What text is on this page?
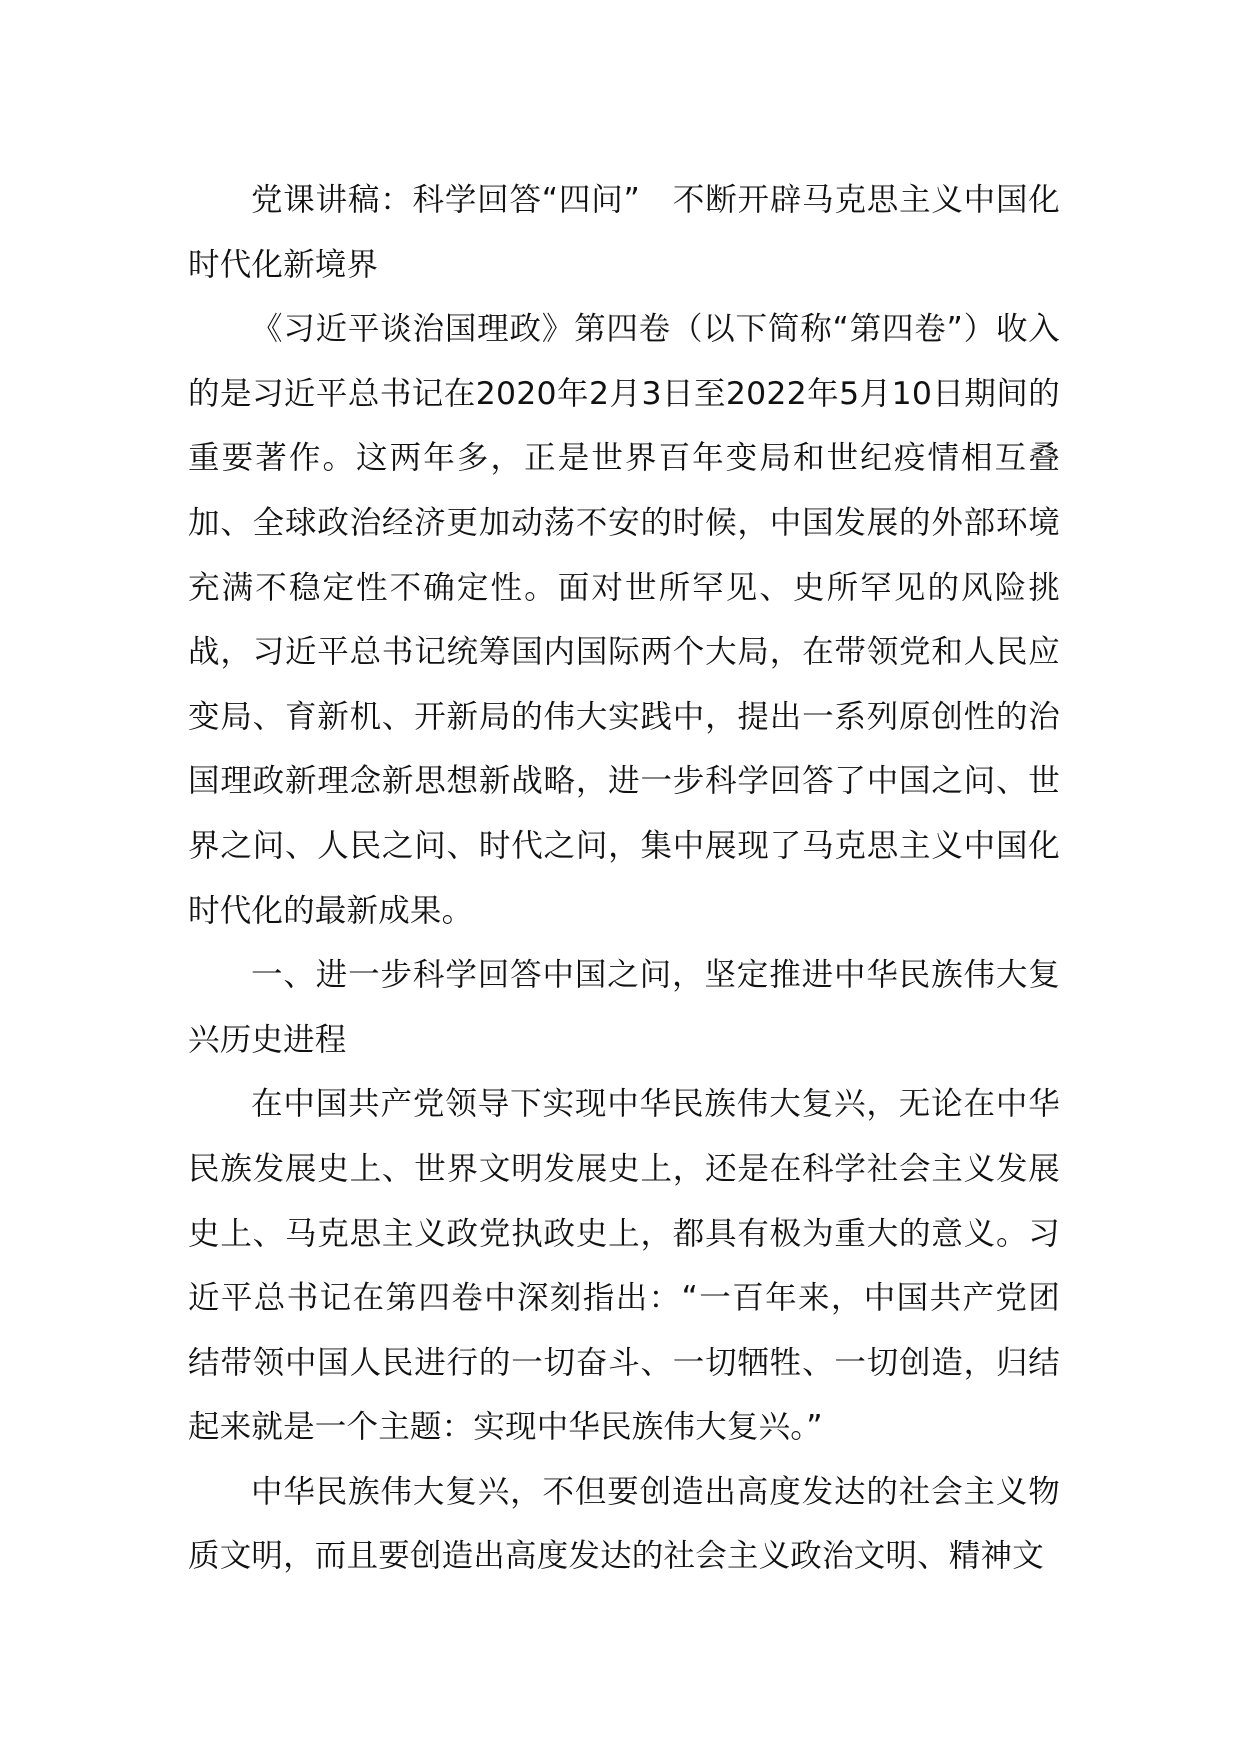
党课讲稿：科学回答“四问”　不断开辟马克思主义中国化时代化新境界

《习近平谈治国理政》第四卷（以下简称“第四卷”）收入的是习近平总书记在2020年2月3日至2022年5月10日期间的重要著作。这两年多，正是世界百年变局和世纪疫情相互叠加、全球政治经济更加动荡不安的时候，中国发展的外部环境充满不稳定性不确定性。面对世所罕见、史所罕见的风险挑战，习近平总书记统筹国内国际两个大局，在带领党和人民应变局、育新机、开新局的伟大实践中，提出一系列原创性的治国理政新理念新思想新战略，进一步科学回答了中国之问、世界之问、人民之问、时代之问，集中展现了马克思主义中国化时代化的最新成果。

一、进一步科学回答中国之问，坚定推进中华民族伟大复兴历史进程

在中国共产党领导下实现中华民族伟大复兴，无论在中华民族发展史上、世界文明发展史上，还是在科学社会主义发展史上、马克思主义政党执政史上，都具有极为重大的意义。习近平总书记在第四卷中深刻指出：“一百年来，中国共产党团结带领中国人民进行的一切奋斗、一切牺牲、一切创造，归结起来就是一个主题：实现中华民族伟大复兴。”

中华民族伟大复兴，不但要创造出高度发达的社会主义物质文明，而且要创造出高度发达的社会主义政治文明、精神文
